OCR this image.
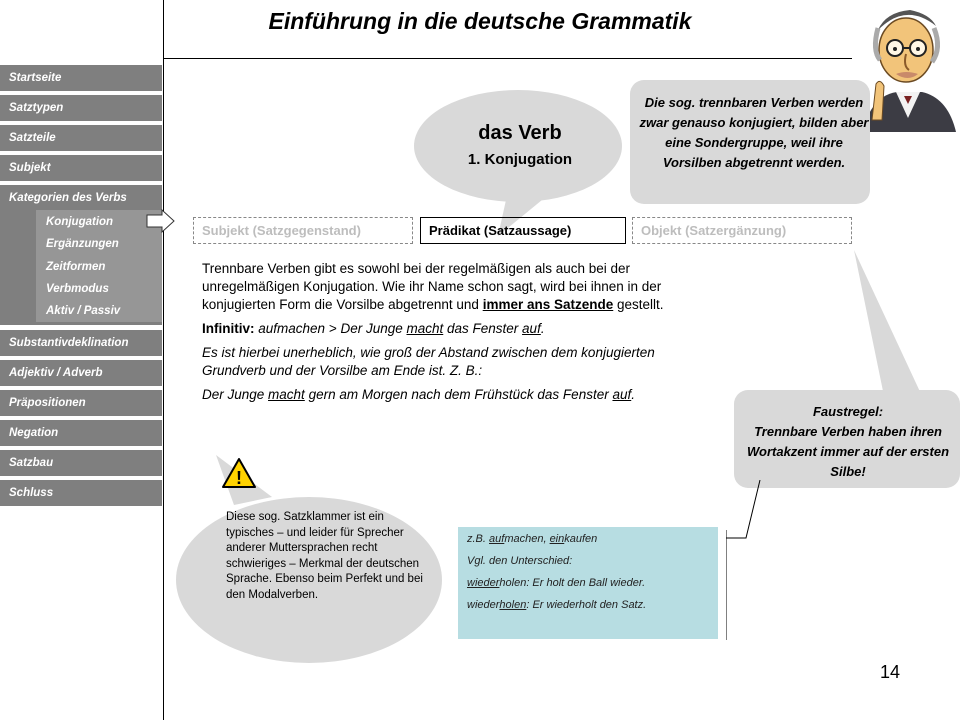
Einführung in die deutsche Grammatik
Startseite
Satztypen
Satzteile
Subjekt
Kategorien des Verbs
Konjugation
Ergänzungen
Zeitformen
Verbmodus
Aktiv / Passiv
Substantivdeklination
Adjektiv / Adverb
Präpositionen
Negation
Satzbau
Schluss
das Verb
1. Konjugation
Die sog. trennbaren Verben werden zwar genauso konjugiert, bilden aber eine Sondergruppe, weil ihre Vorsilben abgetrennt werden.
Subjekt (Satzgegenstand)	Prädikat (Satzaussage)	Objekt (Satzergänzung)

Trennbare Verben gibt es sowohl bei der regelmäßigen als auch bei der unregelmäßigen Konjugation. Wie ihr Name schon sagt, wird bei ihnen in der konjugierten Form die Vorsilbe abgetrennt und immer ans Satzende gestellt.

Infinitiv: aufmachen > Der Junge macht das Fenster auf.

Es ist hierbei unerheblich, wie groß der Abstand zwischen dem konjugierten Grundverb und der Vorsilbe am Ende ist. Z. B.:

Der Junge macht gern am Morgen nach dem Frühstück das Fenster auf.

!
Diese sog. Satzklammer ist ein typisches – und leider für Sprecher anderer Muttersprachen recht schwieriges – Merkmal der deutschen Sprache. Ebenso beim Perfekt und bei den Modalverben.
Faustregel:
Trennbare Verben haben ihren Wortakzent immer auf der ersten Silbe!
z.B. aufmachen, einkaufen
Vgl. den Unterschied:
wiederholen: Er holt den Ball wieder.
wiederholen: Er wiederholt den Satz.
14
